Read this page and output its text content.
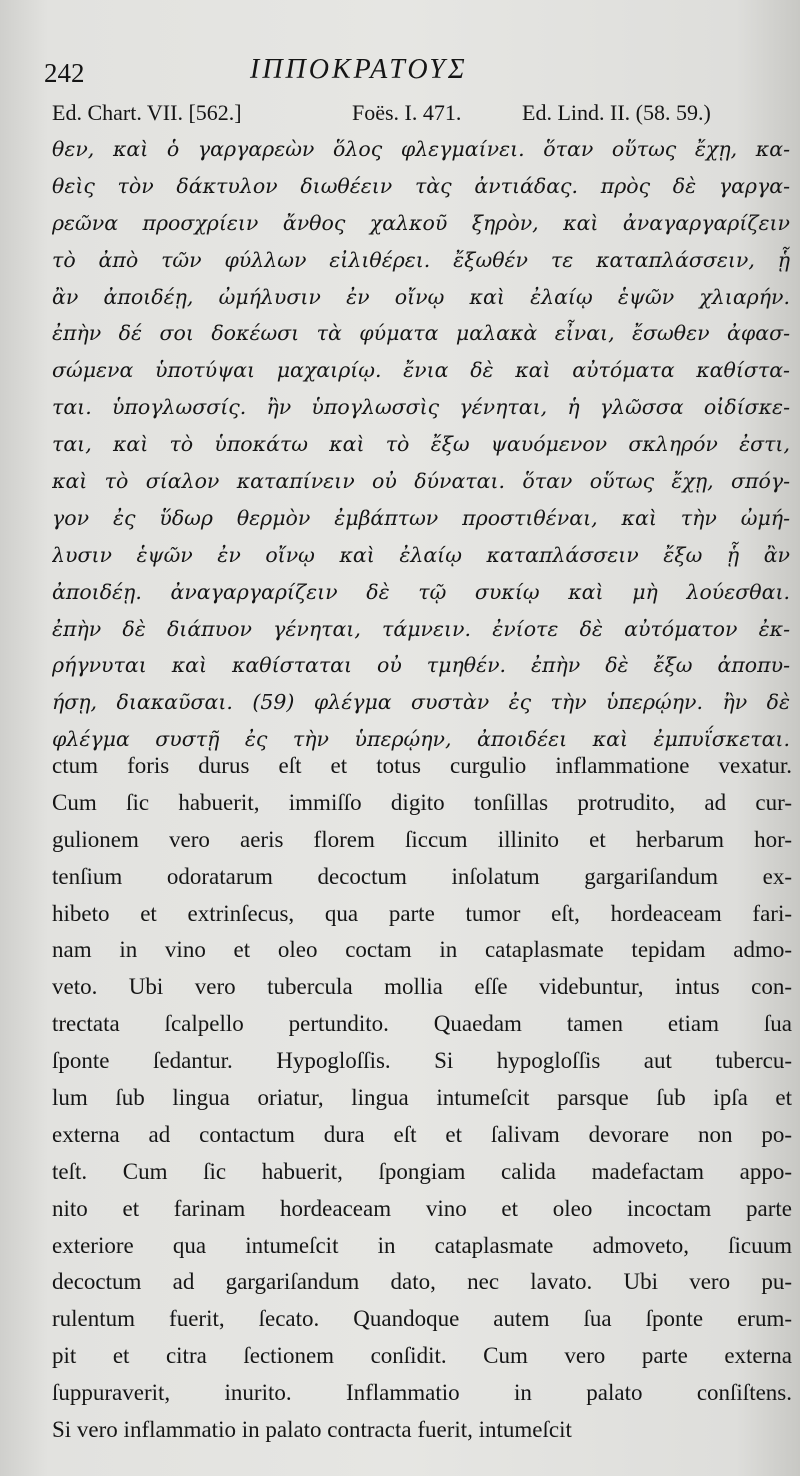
242	ΙΠΠΟΚΡΑΤΟΥΣ
Ed. Chart. VII. [562.]	Foës. I. 471.	Ed. Lind. II. (58. 59.)
θεν, καὶ ὁ γαργαρεὼν ὅλος φλεγμαίνει. ὅταν οὕτως ἔχῃ, κα-
θεὶς τὸν δάκτυλον διωθέειν τὰς ἀντιάδας. πρὸς δὲ γαργα-
ρεῶνα προσχρίειν ἄνθος χαλκοῦ ξηρὸν, καὶ ἀναγαργαρίζειν
τὸ ἀπὸ τῶν φύλλων εἰλιθέρει. ἔξωθέν τε καταπλάσσειν, ᾗ
ἂν ἀποιδέῃ, ὠμήλυσιν ἐν οἴνῳ καὶ ἐλαίῳ ἑψῶν χλιαρήν.
ἐπὴν δέ σοι δοκέωσι τὰ φύματα μαλακὰ εἶναι, ἔσωθεν ἀφασ-
σώμενα ὑποτύψαι μαχαιρίῳ. ἔνια δὲ καὶ αὐτόματα καθίστα-
ται. ὑπογλωσσίς. ἢν ὑπογλωσσὶς γένηται, ἡ γλῶσσα οἰδίσκε-
ται, καὶ τὸ ὑποκάτω καὶ τὸ ἔξω ψαυόμενον σκληρόν ἐστι,
καὶ τὸ σίαλον καταπίνειν οὐ δύναται. ὅταν οὕτως ἔχῃ, σπόγ-
γον ἐς ὕδωρ θερμὸν ἐμβάπτων προστιθέναι, καὶ τὴν ὠμή-
λυσιν ἑψῶν ἐν οἴνῳ καὶ ἐλαίῳ καταπλάσσειν ἔξω ᾗ ἂν
ἀποιδέῃ. ἀναγαργαρίζειν δὲ τῷ συκίῳ καὶ μὴ λούεσθαι.
ἐπὴν δὲ διάπυον γένηται, τάμνειν. ἐνίοτε δὲ αὐτόματον ἐκ-
ρήγνυται καὶ καθίσταται οὐ τμηθέν. ἐπὴν δὲ ἔξω ἀποπυ-
ήσῃ, διακαῦσαι. (59) φλέγμα συστὰν ἐς τὴν ὑπερῴην. ἢν δὲ
φλέγμα συστῇ ἐς τὴν ὑπερῴην, ἀποιδέει καὶ ἐμπυΐσκεται.
ctum foris durus eſt et totus curgulio inflammatione vexatur.
Cum ſic habuerit, immiſſo digito tonſillas protrudito, ad cur-
gulionem vero aeris florem ſiccum illinito et herbarum hor-
tenſium odoratarum decoctum inſolatum gargariſandum ex-
hibeto et extrinſecus, qua parte tumor eſt, hordeaceam fari-
nam in vino et oleo coctam in cataplasmate tepidam admo-
veto. Ubi vero tubercula mollia eſſe videbuntur, intus con-
trectata ſcalpello pertundito. Quaedam tamen etiam ſua
ſponte ſedantur. Hypogloſſis. Si hypogloſſis aut tubercu-
lum ſub lingua oriatur, lingua intumeſcit parsque ſub ipſa et
externa ad contactum dura eſt et ſalivam devorare non po-
teſt. Cum ſic habuerit, ſpongiam calida madefactam appo-
nito et farinam hordeaceam vino et oleo incoctam parte
exteriore qua intumeſcit in cataplasmate admoveto, ſicuum
decoctum ad gargariſandum dato, nec lavato. Ubi vero pu-
rulentum fuerit, ſecato. Quandoque autem ſua ſponte erum-
pit et citra ſectionem conſidit. Cum vero parte externa
ſuppuraverit, inurito. Inflammatio in palato conſiſtens.
Si vero inflammatio in palato contracta fuerit, intumeſcit
